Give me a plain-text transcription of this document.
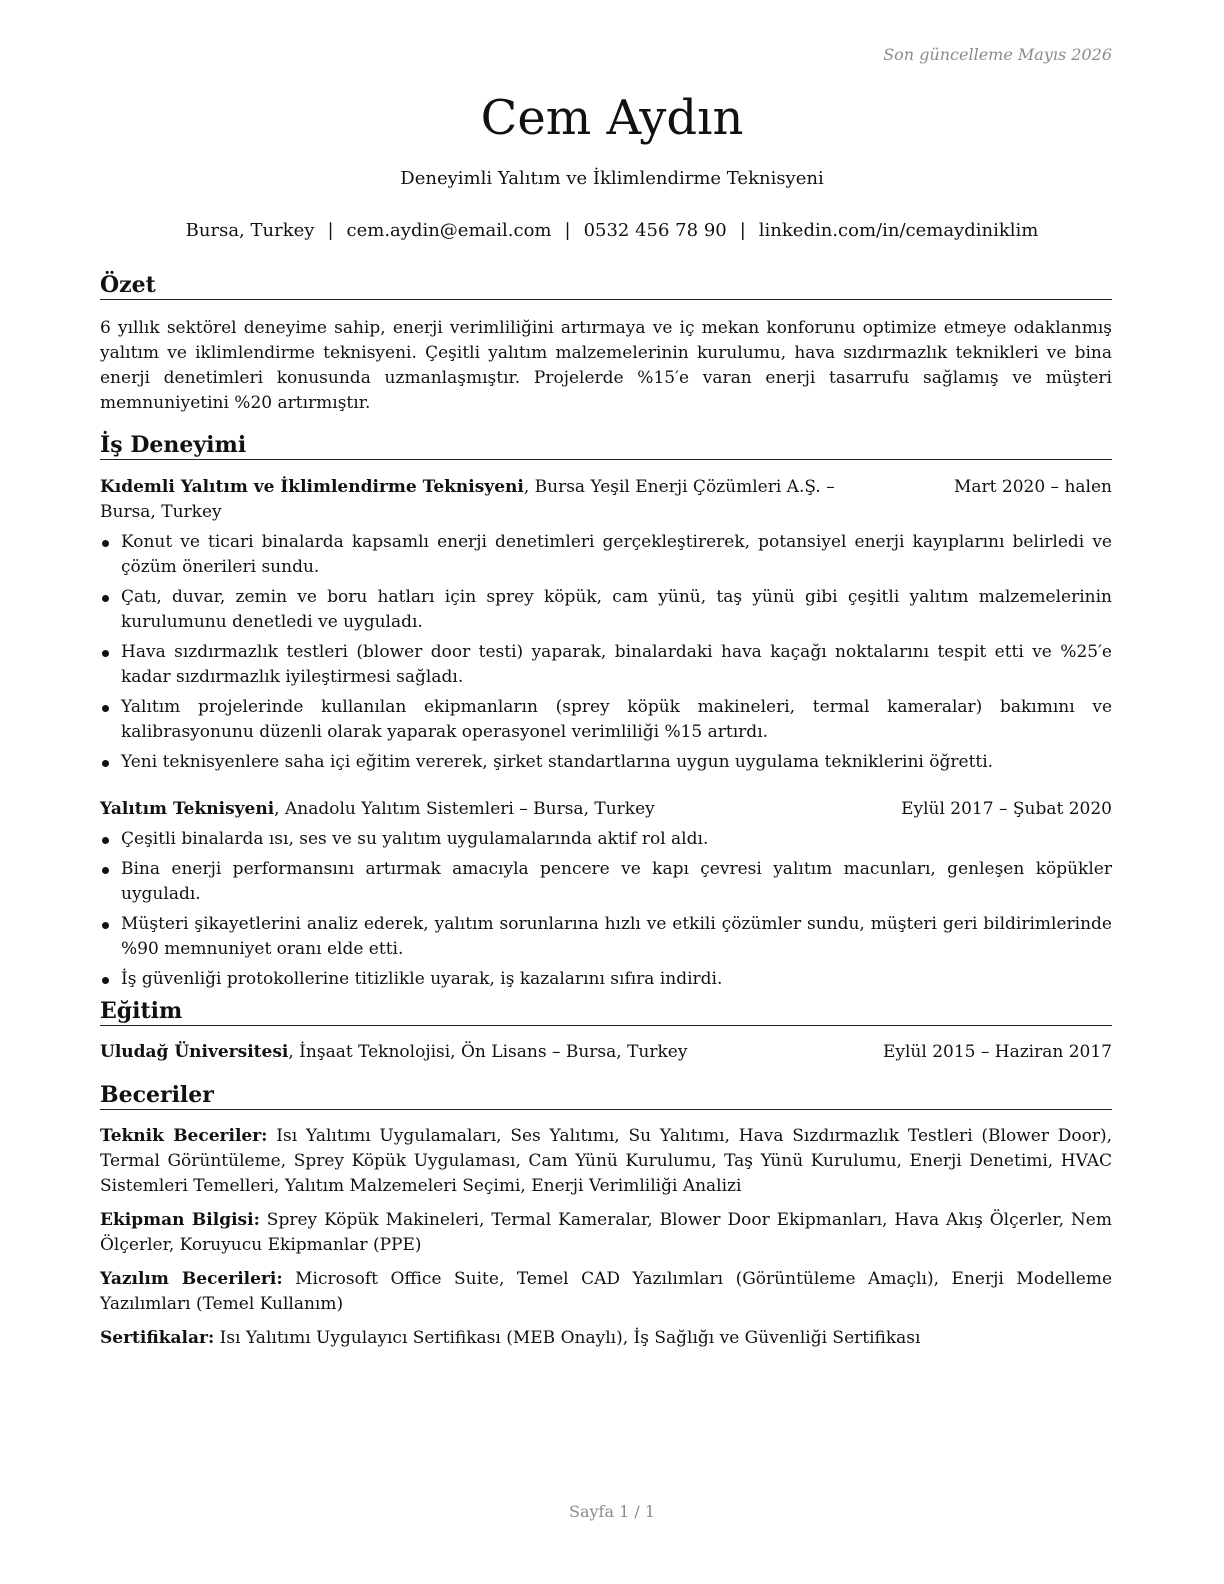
Son güncelleme Mayıs 2026
Cem Aydın
Deneyimli Yalıtım ve İklimlendirme Teknisyeni
Bursa, Turkey | cem.aydin@email.com | 0532 456 78 90 | linkedin.com/in/cemaydiniklim
Özet

6 yıllık sektörel deneyime sahip, enerji verimliliğini artırmaya ve iç mekan konforunu optimize etmeye odaklanmış yalıtım ve iklimlendirme teknisyeni. Çeşitli yalıtım malzemelerinin kurulumu, hava sızdırmazlık teknikleri ve bina enerji denetimleri konusunda uzmanlaşmıştır. Projelerde %15′e varan enerji tasarrufu sağlamış ve müşteri memnuniyetini %20 artırmıştır.

İş Deneyimi
Kıdemli Yalıtım ve İklimlendirme Teknisyeni, Bursa Yeşil Enerji Çözümleri A.Ş. – Bursa, Turkey
Mart 2020 – halen
Konut ve ticari binalarda kapsamlı enerji denetimleri gerçekleştirerek, potansiyel enerji kayıplarını belirledi ve çözüm önerileri sundu.
Çatı, duvar, zemin ve boru hatları için sprey köpük, cam yünü, taş yünü gibi çeşitli yalıtım malzemelerinin kurulumunu denetledi ve uyguladı.
Hava sızdırmazlık testleri (blower door testi) yaparak, binalardaki hava kaçağı noktalarını tespit etti ve %25′e kadar sızdırmazlık iyileştirmesi sağladı.
Yalıtım projelerinde kullanılan ekipmanların (sprey köpük makineleri, termal kameralar) bakımını ve kalibrasyonunu düzenli olarak yaparak operasyonel verimliliği %15 artırdı.
Yeni teknisyenlere saha içi eğitim vererek, şirket standartlarına uygun uygulama tekniklerini öğretti.
Yalıtım Teknisyeni, Anadolu Yalıtım Sistemleri – Bursa, Turkey	Eylül 2017 – Şubat 2020
Çeşitli binalarda ısı, ses ve su yalıtım uygulamalarında aktif rol aldı.
Bina enerji performansını artırmak amacıyla pencere ve kapı çevresi yalıtım macunları, genleşen köpükler uyguladı.
Müşteri şikayetlerini analiz ederek, yalıtım sorunlarına hızlı ve etkili çözümler sundu, müşteri geri bildirimlerinde %90 memnuniyet oranı elde etti.
İş güvenliği protokollerine titizlikle uyarak, iş kazalarını sıfıra indirdi.
Eğitim
Uludağ Üniversitesi, İnşaat Teknolojisi, Ön Lisans – Bursa, Turkey	Eylül 2015 – Haziran 2017
Beceriler

Teknik Beceriler: Isı Yalıtımı Uygulamaları, Ses Yalıtımı, Su Yalıtımı, Hava Sızdırmazlık Testleri (Blower Door), Termal Görüntüleme, Sprey Köpük Uygulaması, Cam Yünü Kurulumu, Taş Yünü Kurulumu, Enerji Denetimi, HVAC Sistemleri Temelleri, Yalıtım Malzemeleri Seçimi, Enerji Verimliliği Analizi

Ekipman Bilgisi: Sprey Köpük Makineleri, Termal Kameralar, Blower Door Ekipmanları, Hava Akış Ölçerler, Nem Ölçerler, Koruyucu Ekipmanlar (PPE)

Yazılım Becerileri: Microsoft Office Suite, Temel CAD Yazılımları (Görüntüleme Amaçlı), Enerji Modelleme Yazılımları (Temel Kullanım)

Sertifikalar: Isı Yalıtımı Uygulayıcı Sertifikası (MEB Onaylı), İş Sağlığı ve Güvenliği Sertifikası

Sayfa 1 / 1
